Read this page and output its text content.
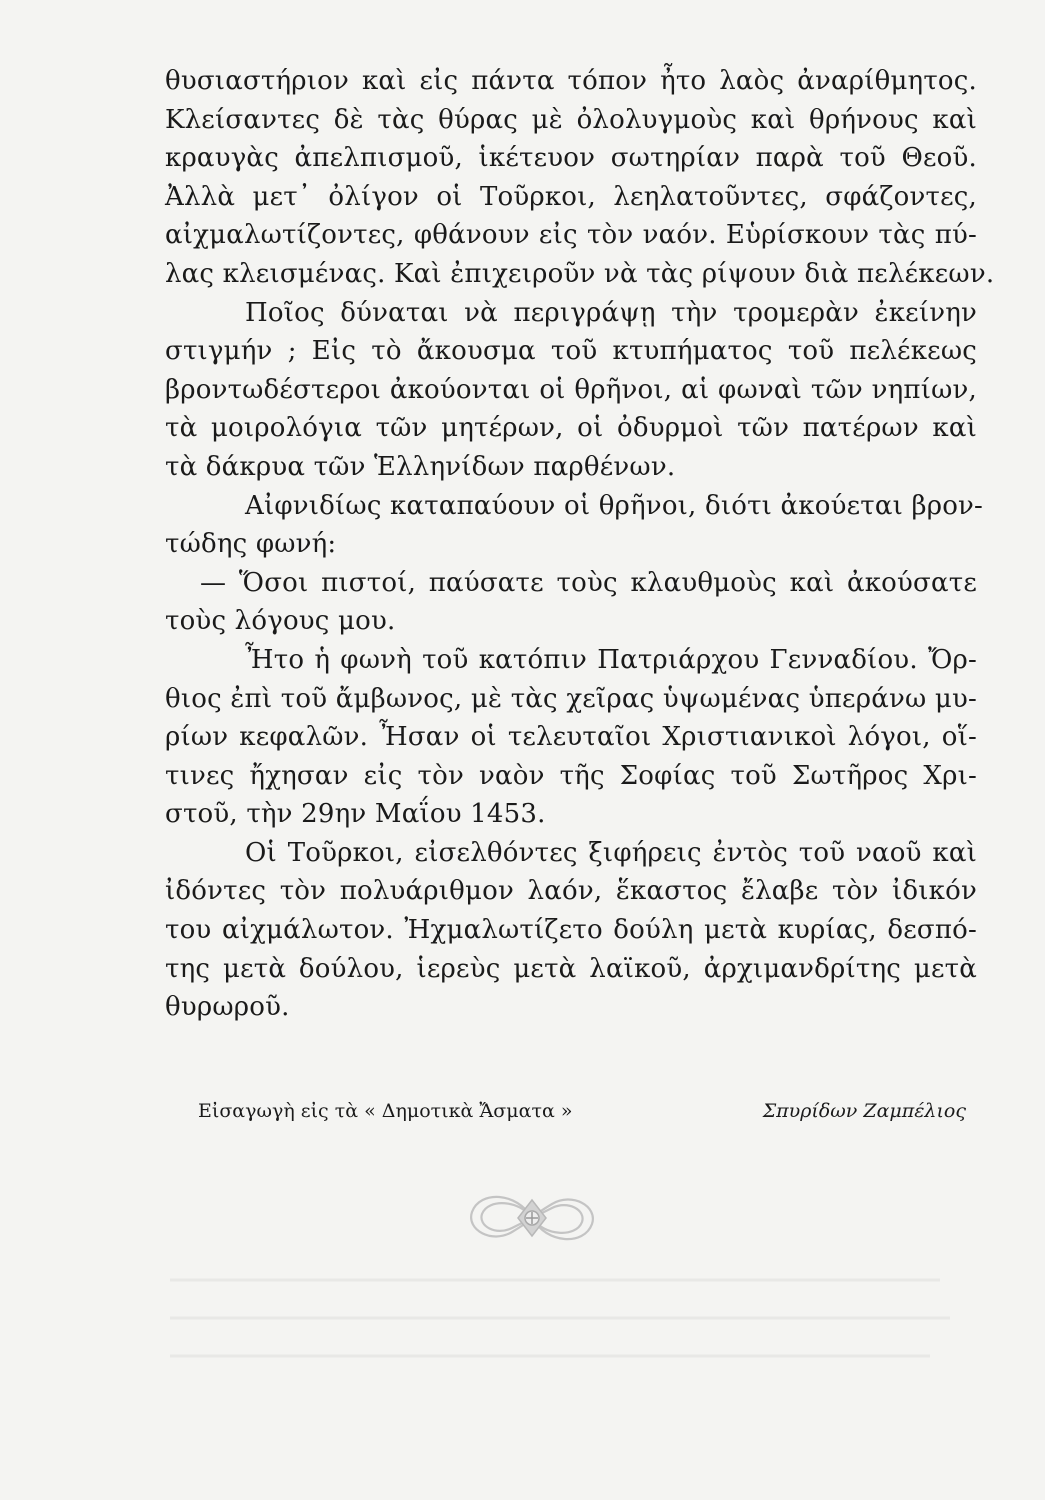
θυσιαστήριον καὶ εἰς πάντα τόπον ἦτο λαὸς ἀναρίθμητος.
Κλείσαντες δὲ τὰς θύρας μὲ ὀλολυγμοὺς καὶ θρήνους καὶ
κραυγὰς ἀπελπισμοῦ, ἱκέτευον σωτηρίαν παρὰ τοῦ Θεοῦ.
Ἀλλὰ μετ᾽ ὀλίγον οἱ Τοῦρκοι, λεηλατοῦντες, σφάζοντες,
αἰχμαλωτίζοντες, φθάνουν εἰς τὸν ναόν. Εὑρίσκουν τὰς πύ-
λας κλεισμένας. Καὶ ἐπιχειροῦν νὰ τὰς ρίψουν διὰ πελέκεων.
Ποῖος δύναται νὰ περιγράψῃ τὴν τρομερὰν ἐκείνην
στιγμήν ; Εἰς τὸ ἄκουσμα τοῦ κτυπήματος τοῦ πελέκεως
βροντωδέστεροι ἀκούονται οἱ θρῆνοι, αἱ φωναὶ τῶν νηπίων,
τὰ μοιρολόγια τῶν μητέρων, οἱ ὀδυρμοὶ τῶν πατέρων καὶ
τὰ δάκρυα τῶν Ἑλληνίδων παρθένων.
Αἰφνιδίως καταπαύουν οἱ θρῆνοι, διότι ἀκούεται βρον-
τώδης φωνή:
— Ὅσοι πιστοί, παύσατε τοὺς κλαυθμοὺς καὶ ἀκούσατε
τοὺς λόγους μου.
Ἦτο ἡ φωνὴ τοῦ κατόπιν Πατριάρχου Γενναδίου. Ὄρ-
θιος ἐπὶ τοῦ ἄμβωνος, μὲ τὰς χεῖρας ὑψωμένας ὑπεράνω μυ-
ρίων κεφαλῶν. Ἦσαν οἱ τελευταῖοι Χριστιανικοὶ λόγοι, οἵ-
τινες ἤχησαν εἰς τὸν ναὸν τῆς Σοφίας τοῦ Σωτῆρος Χρι-
στοῦ, τὴν 29ην Μαΐου 1453.
Οἱ Τοῦρκοι, εἰσελθόντες ξιφήρεις ἐντὸς τοῦ ναοῦ καὶ
ἰδόντες τὸν πολυάριθμον λαόν, ἕκαστος ἔλαβε τὸν ἰδικόν
του αἰχμάλωτον. Ἠχμαλωτίζετο δούλη μετὰ κυρίας, δεσπό-
της μετὰ δούλου, ἱερεὺς μετὰ λαϊκοῦ, ἀρχιμανδρίτης μετὰ
θυρωροῦ.
Εἰσαγωγὴ εἰς τὰ « Δημοτικὰ Ἄσματα »	Σπυρίδων Ζαμπέλιος
